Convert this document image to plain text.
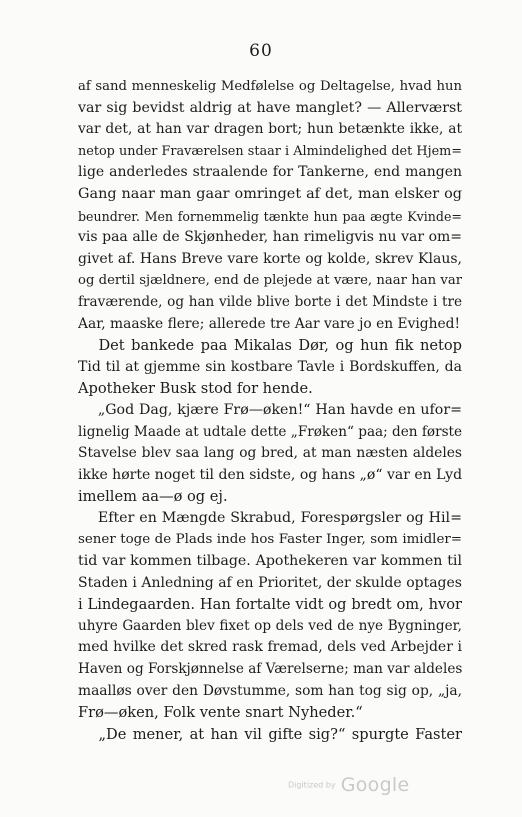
60
af sand menneskelig Medfølelse og Deltagelse, hvad hun
var sig bevidst aldrig at have manglet? — Allerværst
var det, at han var dragen bort; hun betænkte ikke, at
netop under Fraværelsen staar i Almindelighed det Hjem=
lige anderledes straalende for Tankerne, end mangen
Gang naar man gaar omringet af det, man elsker og
beundrer. Men fornemmelig tænkte hun paa ægte Kvinde=
vis paa alle de Skjønheder, han rimeligvis nu var om=
givet af. Hans Breve vare korte og kolde, skrev Klaus,
og dertil sjældnere, end de plejede at være, naar han var
fraværende, og han vilde blive borte i det Mindste i tre
Aar, maaske flere; allerede tre Aar vare jo en Evighed!
Det bankede paa Mikalas Dør, og hun fik netop
Tid til at gjemme sin kostbare Tavle i Bordskuffen, da
Apotheker Busk stod for hende.
„God Dag, kjære Frø—øken!“ Han havde en ufor=
lignelig Maade at udtale dette „Frøken“ paa; den første
Stavelse blev saa lang og bred, at man næsten aldeles
ikke hørte noget til den sidste, og hans „ø“ var en Lyd
imellem aa—ø og ej.
Efter en Mængde Skrabud, Forespørgsler og Hil=
sener toge de Plads inde hos Faster Inger, som imidler=
tid var kommen tilbage. Apothekeren var kommen til
Staden i Anledning af en Prioritet, der skulde optages
i Lindegaarden. Han fortalte vidt og bredt om, hvor
uhyre Gaarden blev fixet op dels ved de nye Bygninger,
med hvilke det skred rask fremad, dels ved Arbejder i
Haven og Forskjønnelse af Værelserne; man var aldeles
maalløs over den Døvstumme, som han tog sig op, „ja,
Frø—øken, Folk vente snart Nyheder.“
„De mener, at han vil gifte sig?“ spurgte Faster
Digitized by Google
